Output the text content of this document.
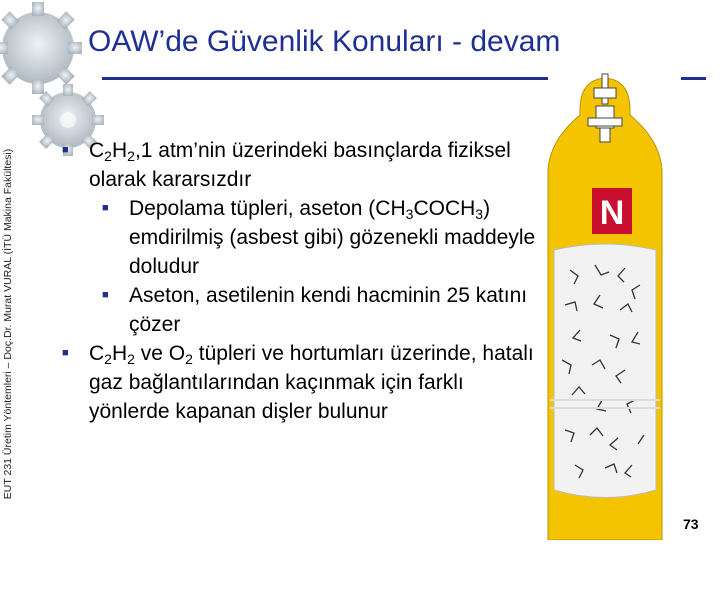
EUT 231 Üretim Yöntemleri – Doç.Dr. Murat VURAL (İTÜ Makina Fakültesi)
OAW’de Güvenlik Konuları - devam
■ $C_2H_2,1$ atm’nin üzerindeki basınçlarda fiziksel olarak kararsızdır
■ Depolama tüpleri, aseton $(CH_3COCH_3)$ emdirilmiş (asbest gibi) gözenekli maddeyle doludur
■ Aseton, asetilenin kendi hacminin 25 katını çözer
■ $C_2H_2$ ve $O_2$ tüpleri ve hortumları üzerinde, hatalı gaz bağlantılarından kaçınmak için farklı yönlerde kapanan dişler bulunur
N
73
